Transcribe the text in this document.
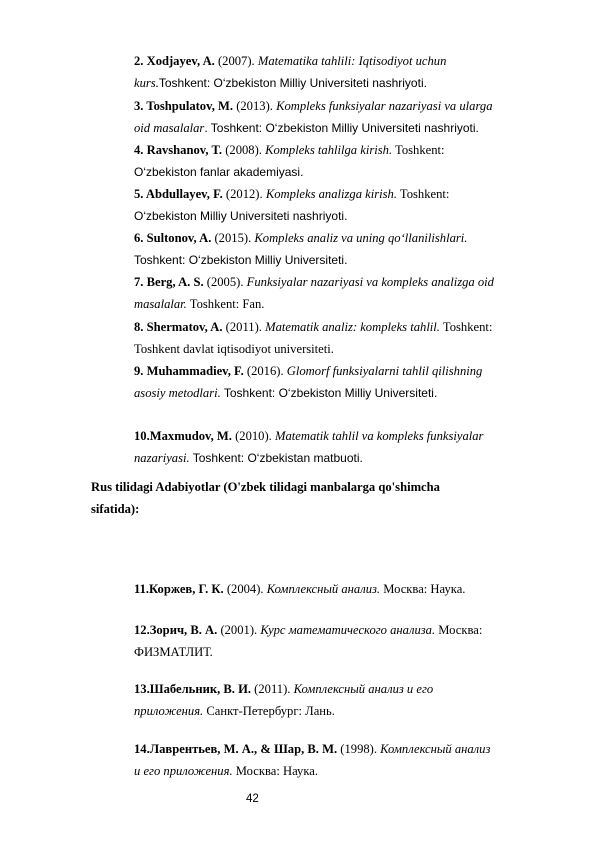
2. Xodjayev, A. (2007). Matematika tahlili: Iqtisodiyot uchun
kurs.Toshkent: O‘zbekiston Milliy Universiteti nashriyoti.
3. Toshpulatov, M. (2013). Kompleks funksiyalar nazariyasi va ularga
oid masalalar. Toshkent: O‘zbekiston Milliy Universiteti nashriyoti.
4. Ravshanov, T. (2008). Kompleks tahlilga kirish. Toshkent:
O‘zbekiston fanlar akademiyasi.
5. Abdullayev, F. (2012). Kompleks analizga kirish. Toshkent:
O‘zbekiston Milliy Universiteti nashriyoti.
6. Sultonov, A. (2015). Kompleks analiz va uning qo‘llanilishlari.
Toshkent: O‘zbekiston Milliy Universiteti.
7. Berg, A. S. (2005). Funksiyalar nazariyasi va kompleks analizga oid
masalalar. Toshkent: Fan.
8. Shermatov, A. (2011). Matematik analiz: kompleks tahlil. Toshkent:
Toshkent davlat iqtisodiyot universiteti.
9. Muhammadiev, F. (2016). Glomorf funksiyalarni tahlil qilishning
asosiy metodlari. Toshkent: O‘zbekiston Milliy Universiteti.
10.Maxmudov, M. (2010). Matematik tahlil va kompleks funksiyalar
nazariyasi. Toshkent: O‘zbekistan matbuoti.
Rus tilidagi Adabiyotlar (O'zbek tilidagi manbalarga qo'shimcha
sifatida):
11.Коржев, Г. К. (2004). Комплексный анализ. Москва: Наука.
12.Зорич, В. А. (2001). Курс математического анализа. Москва:
ФИЗМАТЛИТ.
13.Шабельник, В. И. (2011). Комплексный анализ и его
приложения. Санкт-Петербург: Лань.
14.Лаврентьев, М. А., & Шар, В. М. (1998). Комплексный анализ
и его приложения. Москва: Наука.
42
